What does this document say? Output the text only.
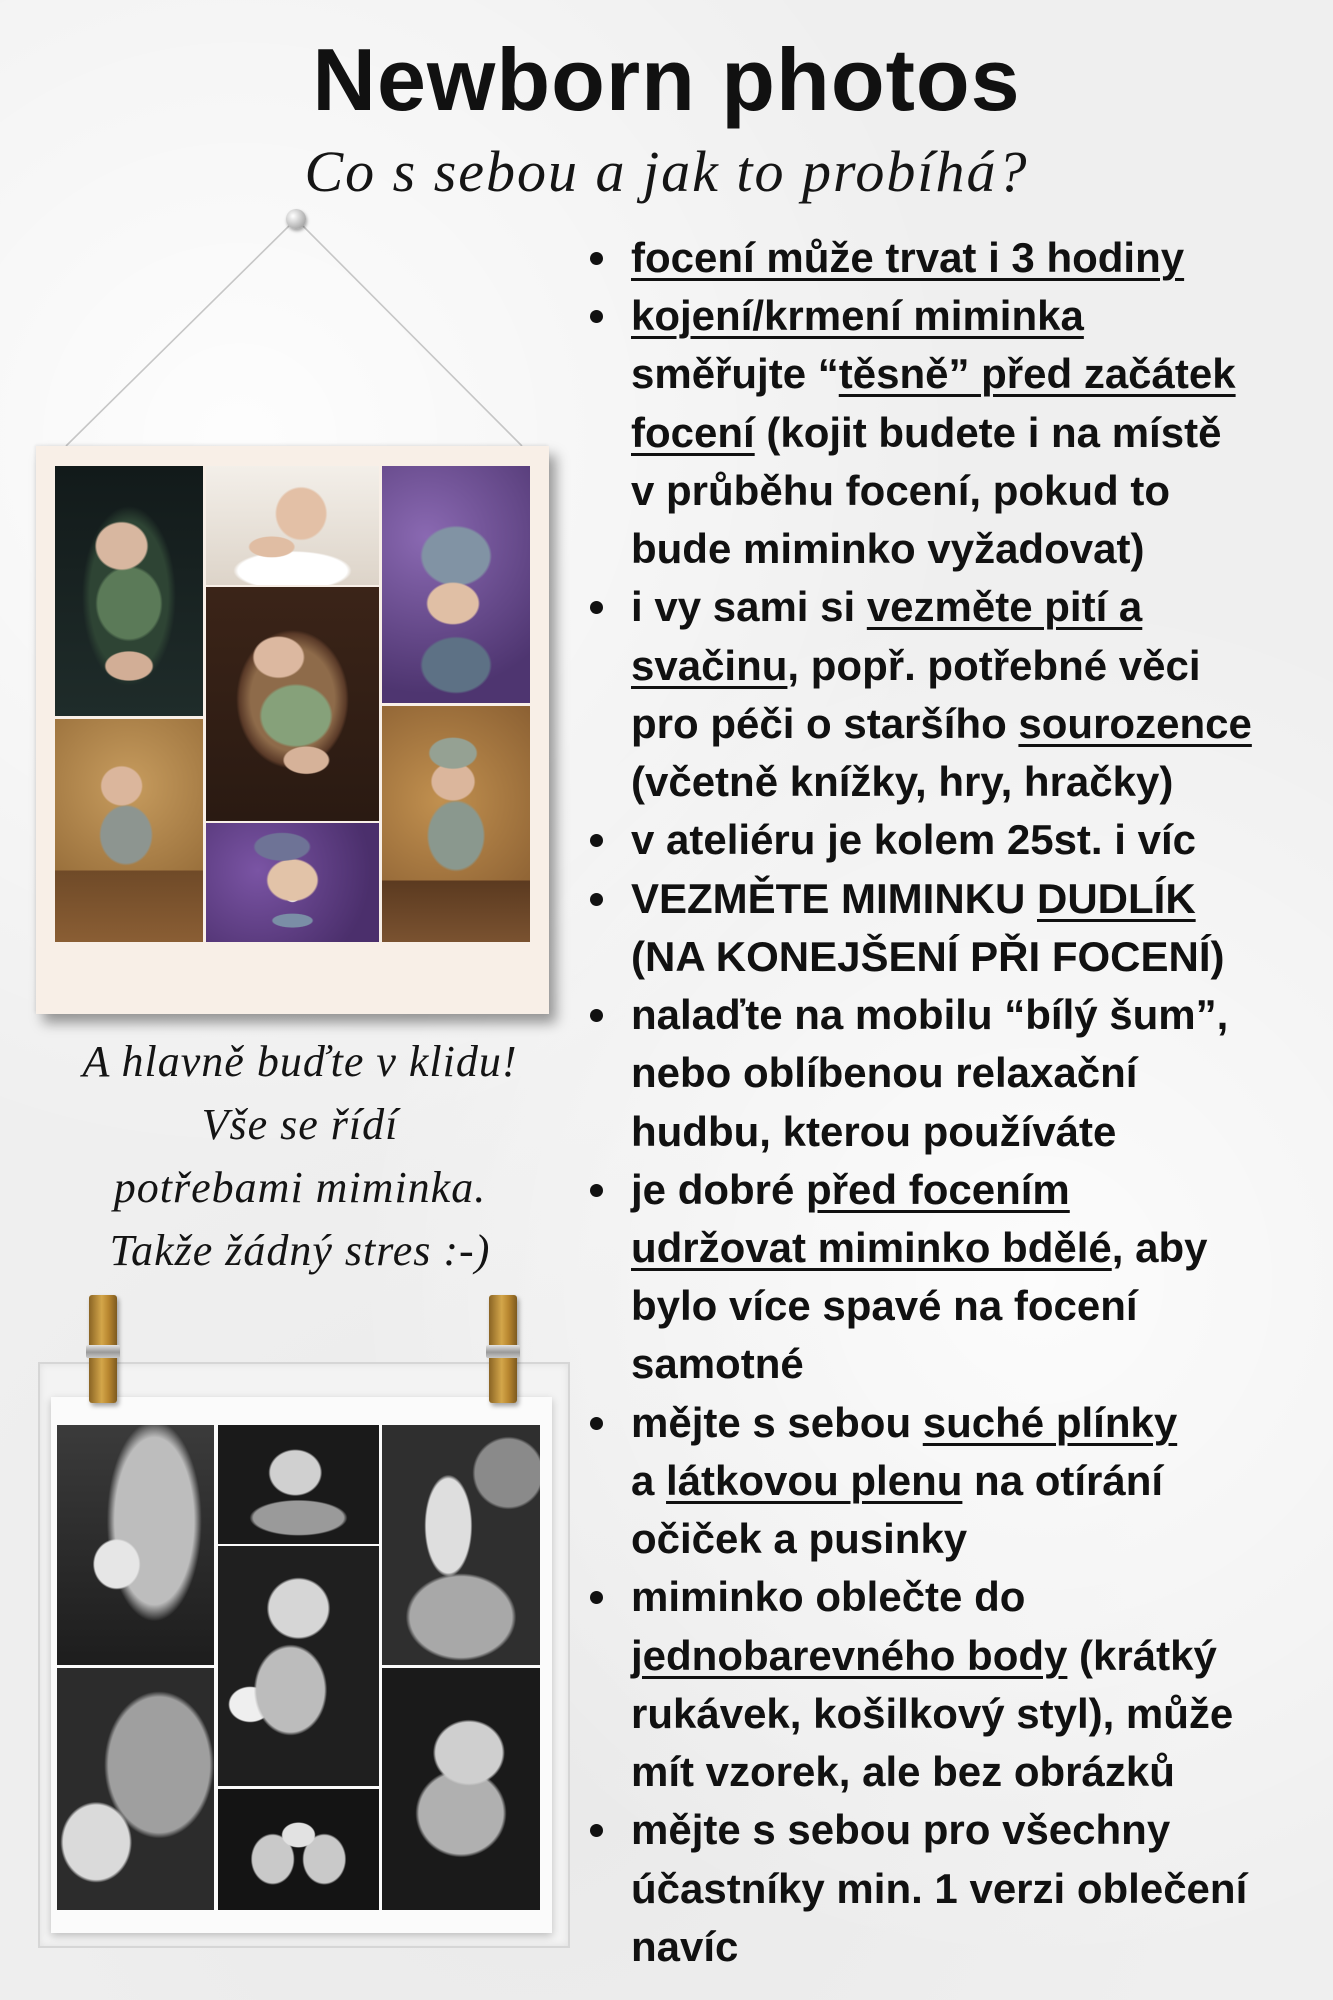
Newborn photos
Co s sebou a jak to probíhá?
A hlavně buďte v klidu!
Vše se řídí
potřebami miminka.
Takže žádný stres :-)
focení může trvat i 3 hodiny
kojení/krmení miminka
směřujte “těsně” před začátek
focení (kojit budete i na místě
v průběhu focení, pokud to
bude miminko vyžadovat)
i vy sami si vezměte pití a
svačinu, popř. potřebné věci
pro péči o staršího sourozence
(včetně knížky, hry, hračky)
v ateliéru je kolem 25st. i víc
VEZMĚTE MIMINKU DUDLÍK
(NA KONEJŠENÍ PŘI FOCENÍ)
nalaďte na mobilu “bílý šum”,
nebo oblíbenou relaxační
hudbu, kterou používáte
je dobré před focením
udržovat miminko bdělé, aby
bylo více spavé na focení
samotné
mějte s sebou suché plínky
a látkovou plenu na otírání
očiček a pusinky
miminko oblečte do
jednobarevného body (krátký
rukávek, košilkový styl), může
mít vzorek, ale bez obrázků
mějte s sebou pro všechny
účastníky min. 1 verzi oblečení
navíc
